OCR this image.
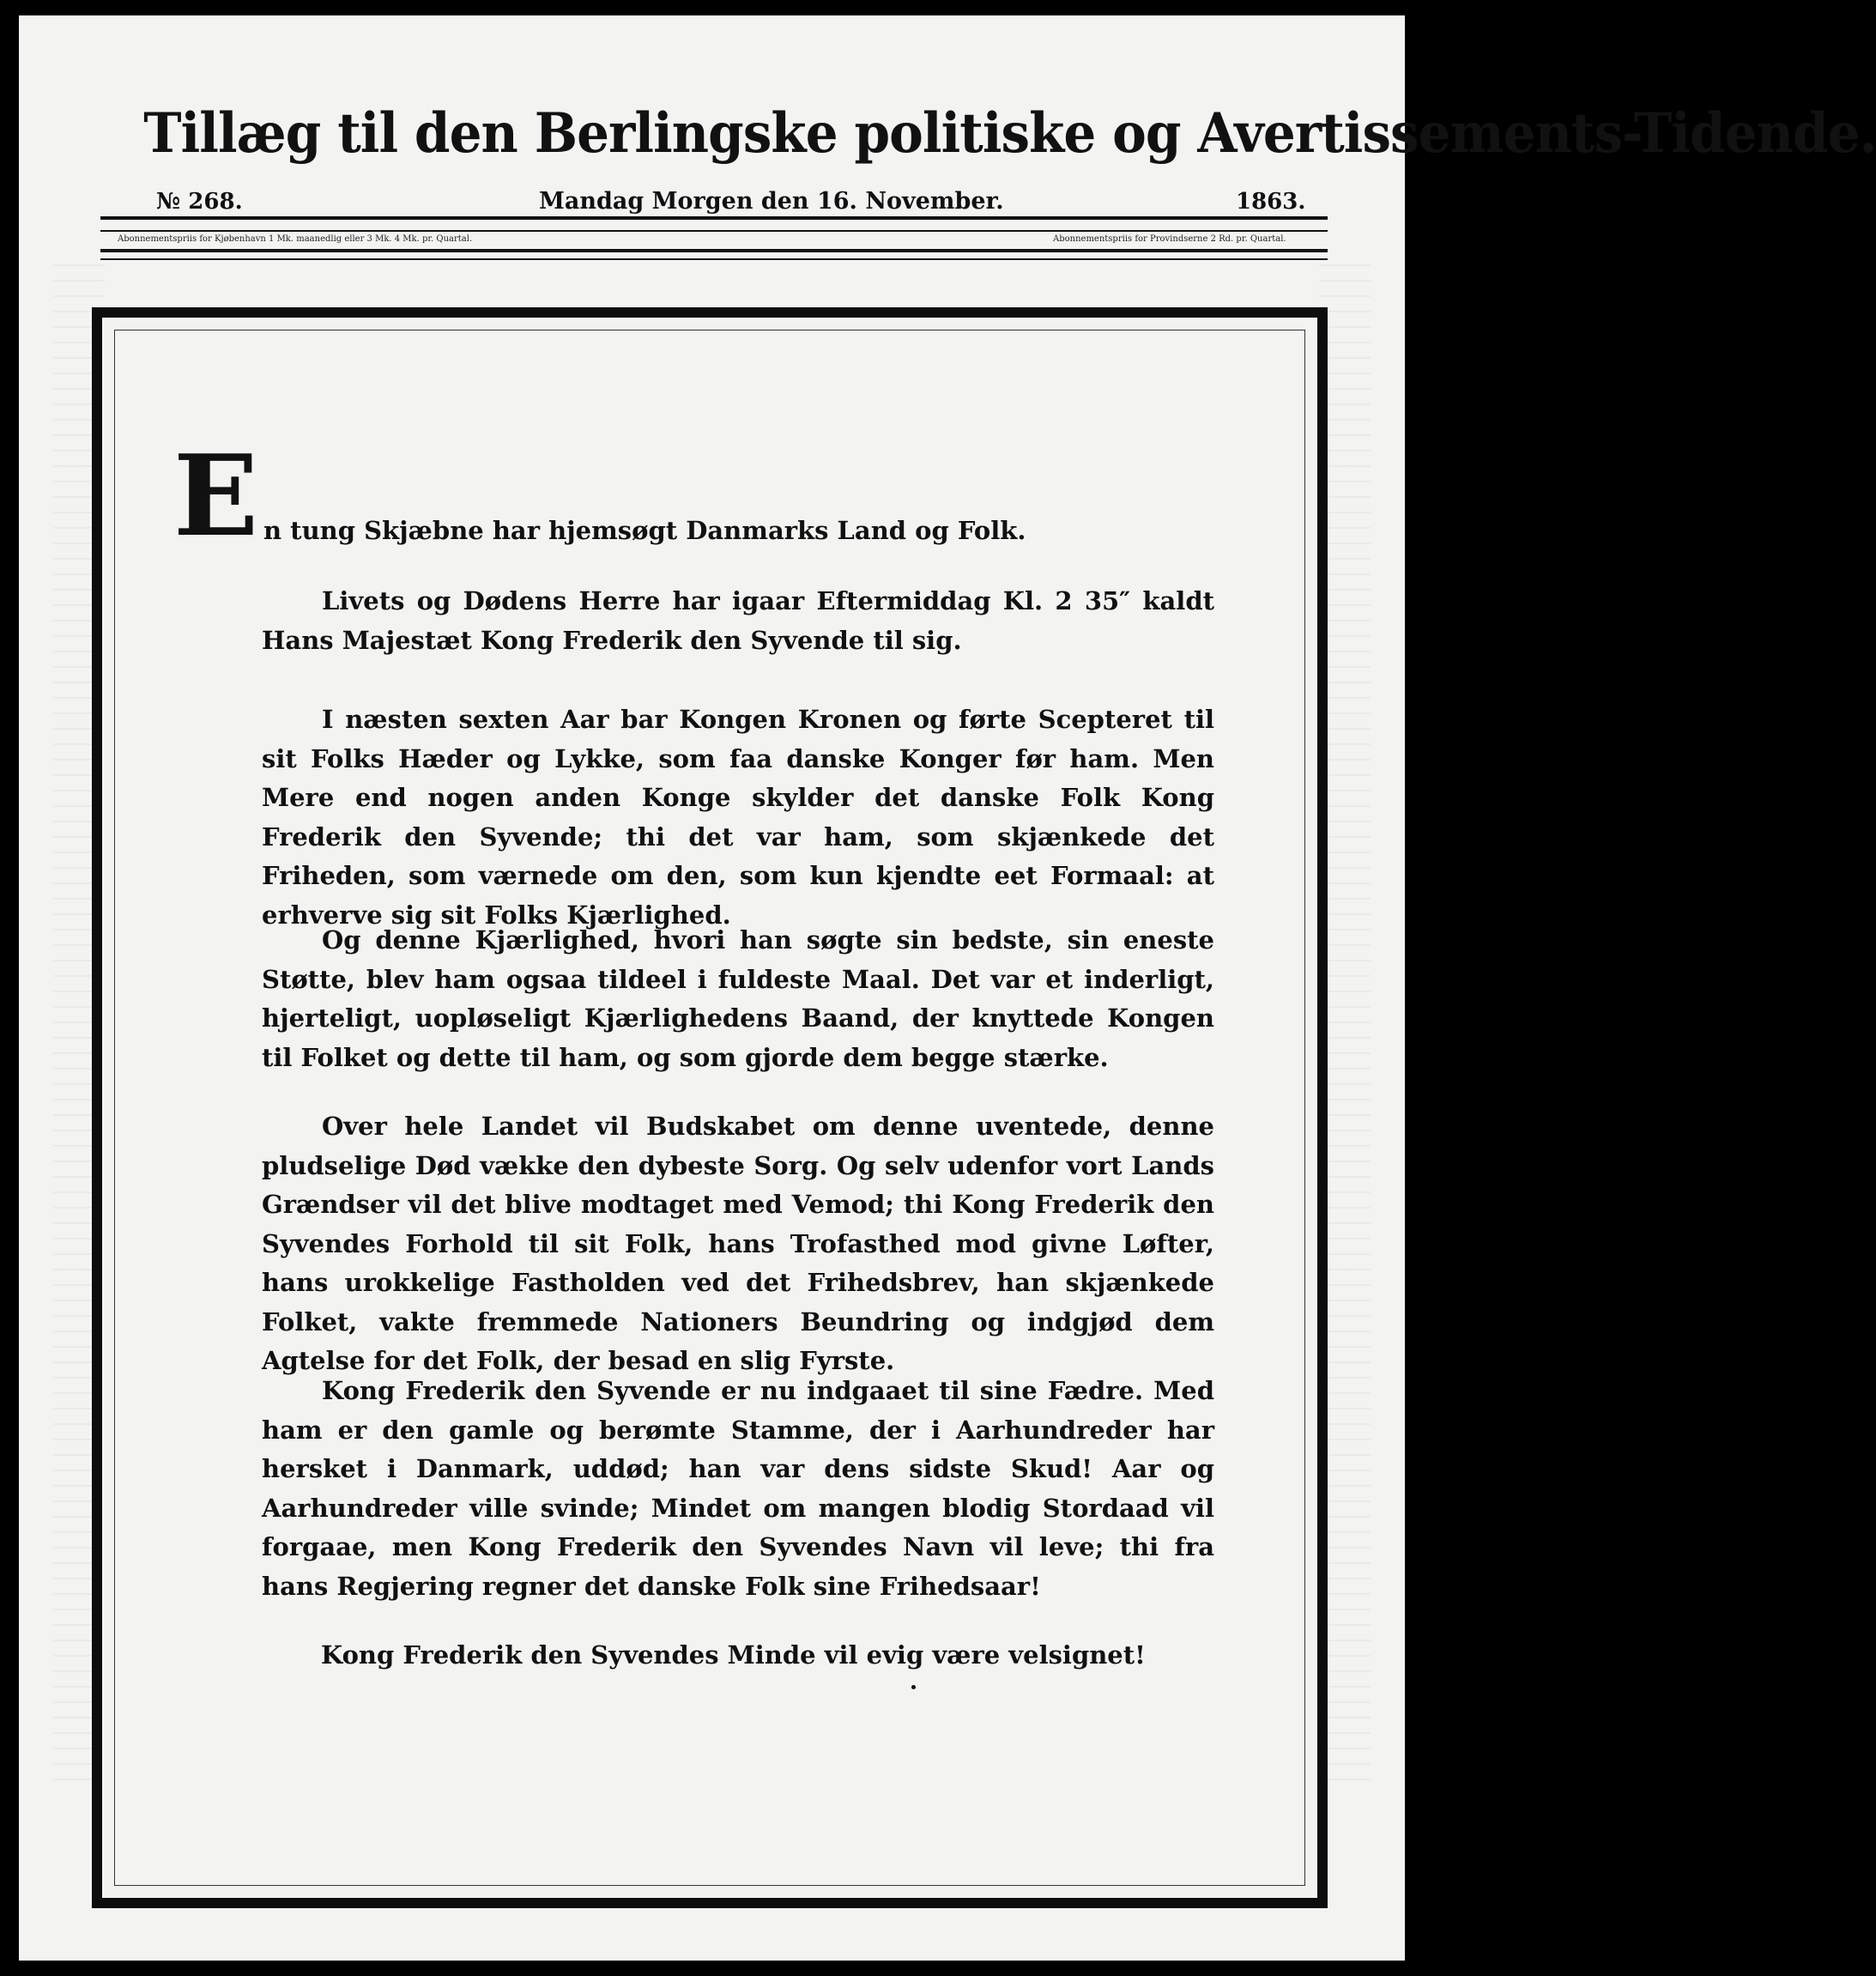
Tillæg til den Berlingske politiske og Avertissements-Tidende.
№ 268.	Mandag Morgen den 16. November.	1863.
Abonnementspriis for Kjøbenhavn 1 Mk. maanedlig eller 3 Mk. 4 Mk. pr. Quartal.	Abonnementspriis for Provindserne 2 Rd. pr. Quartal.
E n tung Skjæbne har hjemsøgt Danmarks Land og Folk.
Livets og Dødens Herre har igaar Eftermiddag Kl. 2 35″ kaldt Hans Majestæt Kong Frederik den Syvende til sig.
I næsten sexten Aar bar Kongen Kronen og førte Scepteret til sit Folks Hæder og Lykke, som faa danske Konger før ham. Men Mere end nogen anden Konge skylder det danske Folk Kong Frederik den Syvende; thi det var ham, som skjænkede det Friheden, som værnede om den, som kun kjendte eet Formaal: at erhverve sig sit Folks Kjærlighed.
Og denne Kjærlighed, hvori han søgte sin bedste, sin eneste Støtte, blev ham ogsaa tildeel i fuldeste Maal. Det var et inderligt, hjerteligt, uopløseligt Kjærlighedens Baand, der knyttede Kongen til Folket og dette til ham, og som gjorde dem begge stærke.
Over hele Landet vil Budskabet om denne uventede, denne pludselige Død vække den dybeste Sorg. Og selv udenfor vort Lands Grændser vil det blive modtaget med Vemod; thi Kong Frederik den Syvendes Forhold til sit Folk, hans Trofasthed mod givne Løfter, hans urokkelige Fastholden ved det Frihedsbrev, han skjænkede Folket, vakte fremmede Nationers Beundring og indgjød dem Agtelse for det Folk, der besad en slig Fyrste.
Kong Frederik den Syvende er nu indgaaet til sine Fædre. Med ham er den gamle og berømte Stamme, der i Aarhundreder har hersket i Danmark, uddød; han var dens sidste Skud! Aar og Aarhundreder ville svinde; Mindet om mangen blodig Stordaad vil forgaae, men Kong Frederik den Syvendes Navn vil leve; thi fra hans Regjering regner det danske Folk sine Frihedsaar!
Kong Frederik den Syvendes Minde vil evig være velsignet!
